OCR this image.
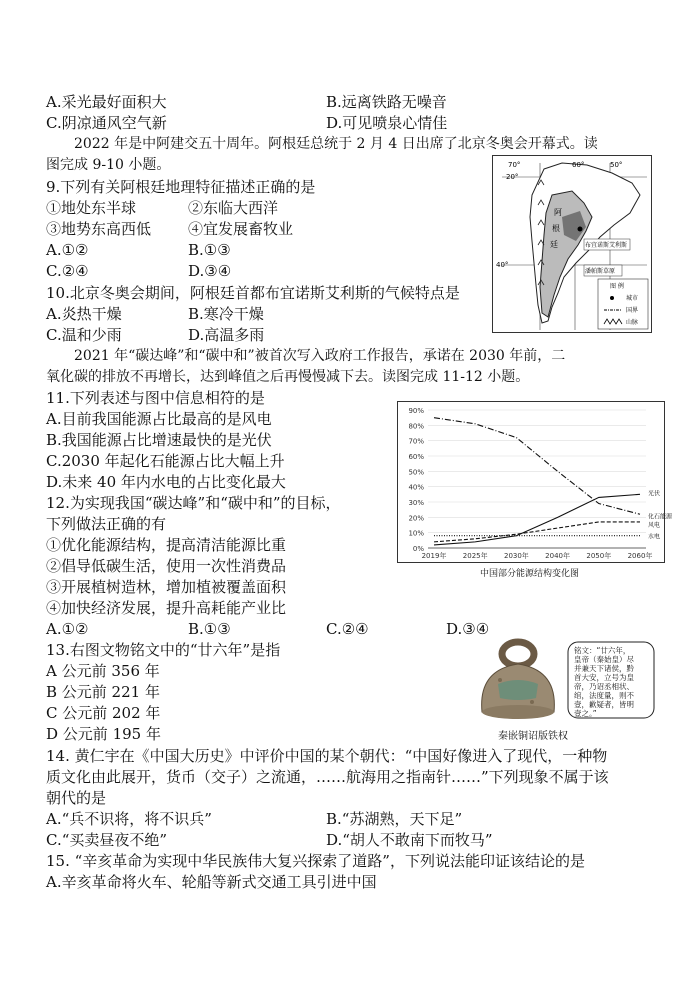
A.采光最好面积大	B.远离铁路无噪音
C.阴凉通风空气新	D.可见喷泉心情佳
2022 年是中阿建交五十周年。阿根廷总统于 2 月 4 日出席了北京冬奥会开幕式。读
图完成 9-10 小题。
9.下列有关阿根廷地理特征描述正确的是
①地处东半球	②东临大西洋
③地势东高西低 ④宜发展畜牧业
A.①②	B.①③
C.②④	D.③④
10.北京冬奥会期间，阿根廷首都布宜诺斯艾利斯的气候特点是
A.炎热干燥	B.寒冷干燥
C.温和少雨	D.高温多雨
70°	60°	50°
20°
40°
阿
根
廷	布宜诺斯艾利斯
潘帕斯草原
图 例
城市
国界
山脉
2021 年“碳达峰”和“碳中和”被首次写入政府工作报告，承诺在 2030 年前，二
氧化碳的排放不再增长，达到峰值之后再慢慢减下去。读图完成 11-12 小题。
11.下列表述与图中信息相符的是
A.目前我国能源占比最高的是风电
B.我国能源占比增速最快的是光伏
C.2030 年起化石能源占比大幅上升
D.未来 40 年内水电的占比变化最大
12.为实现我国“碳达峰”和“碳中和”的目标，
下列做法正确的有
①优化能源结构，提高清洁能源比重
②倡导低碳生活，使用一次性消费品
③开展植树造林，增加植被覆盖面积
④加快经济发展，提升高耗能产业比
A.①②	B.①③	C.②④	D.③④
0%
10%
20%
30%
40%
50%
60%
70%
80%
90%
2019年 2025年 2030年 2040年 2050年 2060年
化石能源
光伏
风电
水电
中国部分能源结构变化图
13.右图文物铭文中的“廿六年”是指
A 公元前 356 年
B 公元前 221 年
C 公元前 202 年
D 公元前 195 年
铭文：“廿六年，
皇帝（秦始皇）尽
并兼天下诸侯，黔
首大安，立号为皇
帝，乃诏丞相状、
绾，法度量，则不
壹，歉疑者，皆明
壹之。”
秦嵌铜诏版铁权
14. 黄仁宇在《中国大历史》中评价中国的某个朝代：“中国好像进入了现代，一种物
质文化由此展开，货币（交子）之流通，……航海用之指南针……”下列现象不属于该
朝代的是
A.“兵不识将，将不识兵”	B.“苏湖熟，天下足”
C.“买卖昼夜不绝”	D.“胡人不敢南下而牧马”
15. “辛亥革命为实现中华民族伟大复兴探索了道路”，下列说法能印证该结论的是
A.辛亥革命将火车、轮船等新式交通工具引进中国
